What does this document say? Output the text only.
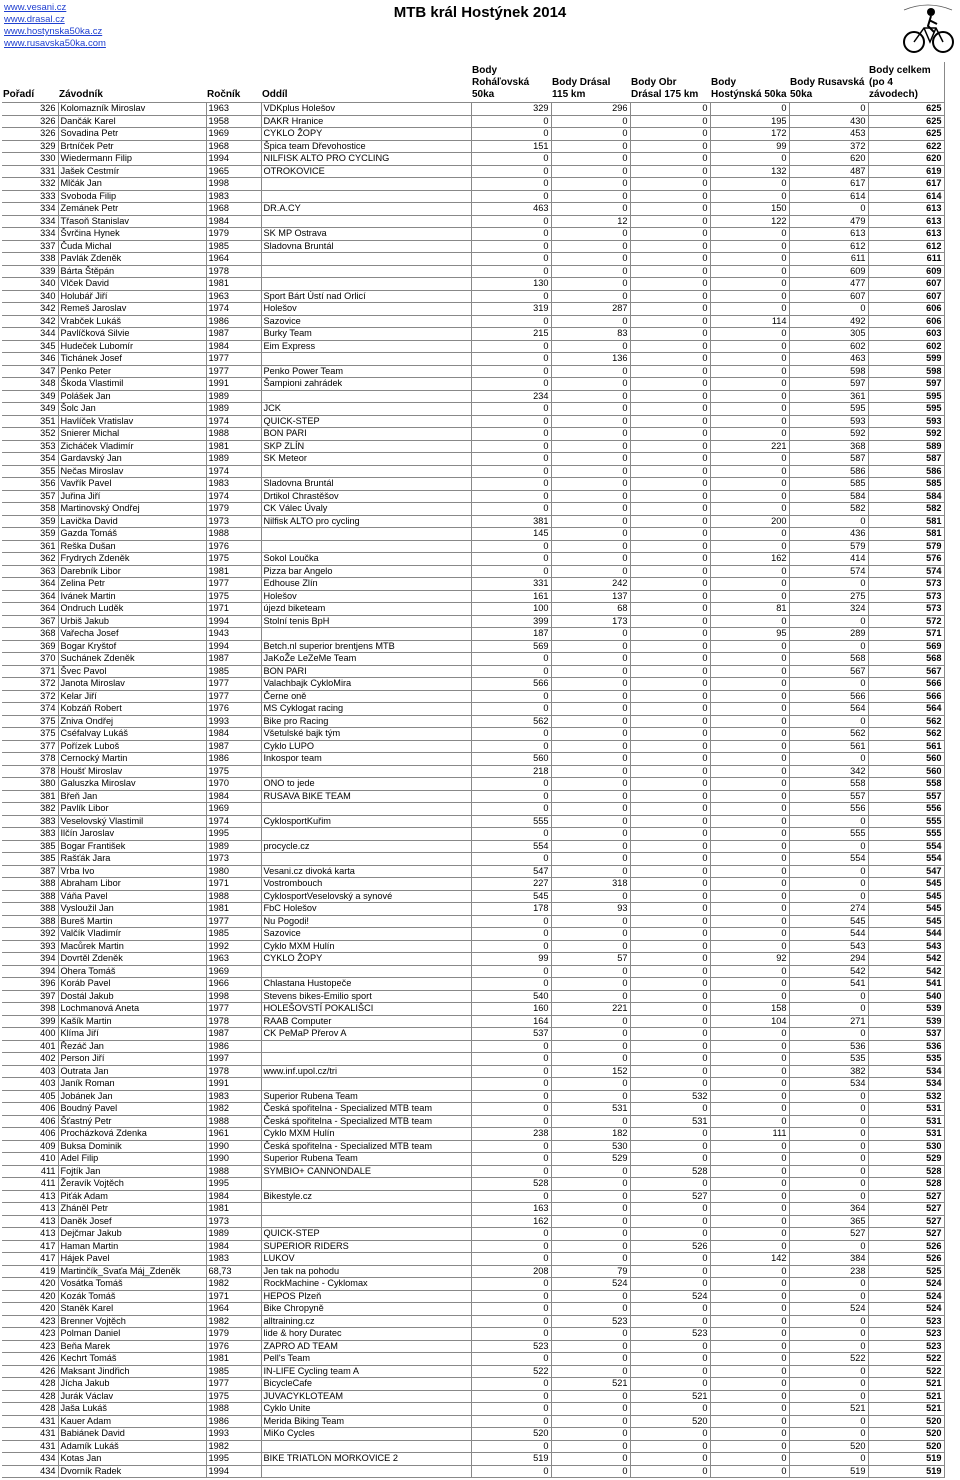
www.vesani.cz
www.drasal.cz
www.hostynska50ka.cz
www.rusavska50ka.com
MTB král Hostýnek 2014
Pořadí	Závodník	Ročník	Oddíl	Body Roháľovská 50ka	Body Drásal 115 km	Body Obr Drásal 175 km	Body Hostýnská 50ka	Body Rusavská 50ka	Body celkem (po 4 závodech)
326	Kolomazník Miroslav	1963	VDKplus Holešov	329	296	0	0	0	625
326	Dančák Karel	1958	DAKR Hranice	0	0	0	195	430	625
326	Sovadina Petr	1969	CYKLO ŽOPY	0	0	0	172	453	625
329	Brtníček Petr	1968	Špica team Dřevohostice	151	0	0	99	372	622
330	Wiedermann Filip	1994	NILFISK ALTO PRO CYCLING	0	0	0	0	620	620
331	Jašek Cestmír	1965	OTROKOVICE	0	0	0	132	487	619
332	Mlčák Jan	1998		0	0	0	0	617	617
333	Svoboda Filip	1983		0	0	0	0	614	614
334	Zemánek Petr	1968	DR.A.CY	463	0	0	150	0	613
334	Třasoň Stanislav	1984		0	12	0	122	479	613
334	Švrčina Hynek	1979	SK MP Ostrava	0	0	0	0	613	613
337	Čuda Michal	1985	Sladovna Bruntál	0	0	0	0	612	612
338	Pavlák Zdeněk	1964		0	0	0	0	611	611
339	Bárta Štěpán	1978		0	0	0	0	609	609
340	Vlček David	1981		130	0	0	0	477	607
340	Holubář Jiří	1963	Sport Bárt Ústí nad Orlicí	0	0	0	0	607	607
342	Remeš Jaroslav	1974	Holešov	319	287	0	0	0	606
342	Vrabček Lukáš	1986	Sazovice	0	0	0	114	492	606
344	Pavlíčková Silvie	1987	Burky Team	215	83	0	0	305	603
345	Hudeček Lubomír	1984	Eim Express	0	0	0	0	602	602
346	Tichánek Josef	1977		0	136	0	0	463	599
347	Penko Peter	1977	Penko Power Team	0	0	0	0	598	598
348	Škoda Vlastimil	1991	Šampioni zahrádek	0	0	0	0	597	597
349	Polášek Jan	1989		234	0	0	0	361	595
349	Šolc Jan	1989	JCK	0	0	0	0	595	595
351	Havlíček Vratislav	1974	QUICK-STEP	0	0	0	0	593	593
352	Snierer Michal	1988	BON PARI	0	0	0	0	592	592
353	Zicháček Vladimír	1981	SKP ZLÍN	0	0	0	221	368	589
354	Gardavský Jan	1989	SK Meteor	0	0	0	0	587	587
355	Nečas Miroslav	1974		0	0	0	0	586	586
356	Vavřík Pavel	1983	Sladovna Bruntál	0	0	0	0	585	585
357	Juřina Jiří	1974	Drtikol Chrastěšov	0	0	0	0	584	584
358	Martinovský Ondřej	1979	CK Válec Úvaly	0	0	0	0	582	582
359	Lavička David	1973	Nilfisk ALTO pro cycling	381	0	0	200	0	581
359	Gazda Tomáš	1988		145	0	0	0	436	581
361	Reška Dušan	1976		0	0	0	0	579	579
362	Frydrych Zdeněk	1975	Sokol Loučka	0	0	0	162	414	576
363	Darebník Libor	1981	Pizza bar Angelo	0	0	0	0	574	574
364	Zelina Petr	1977	Edhouse Zlín	331	242	0	0	0	573
364	Ivánek Martin	1975	Holešov	161	137	0	0	275	573
364	Ondruch Luděk	1971	újezd biketeam	100	68	0	81	324	573
367	Urbiš Jakub	1994	Stolní tenis BpH	399	173	0	0	0	572
368	Vařecha Josef	1943		187	0	0	95	289	571
369	Bogar Kryštof	1994	Betch.nl superior brentjens MTB	569	0	0	0	0	569
370	Suchánek Zdeněk	1987	JaKoŽe LeZeMe Team	0	0	0	0	568	568
371	Švec Pavol	1985	BON PARI	0	0	0	0	567	567
372	Janota Miroslav	1977	Valachbajk CykloMira	566	0	0	0	0	566
372	Kelar Jiří	1977	Černe oně	0	0	0	0	566	566
374	Kobzáň Robert	1976	MS Cyklogat racing	0	0	0	0	564	564
375	Zniva Ondřej	1993	Bike pro Racing	562	0	0	0	0	562
375	Cséfalvay Lukáš	1984	Všetulské bajk tým	0	0	0	0	562	562
377	Pořízek Luboš	1987	Cyklo LUPO	0	0	0	0	561	561
378	Cernocký Martin	1986	Inkospor team	560	0	0	0	0	560
378	Houšť Miroslav	1975		218	0	0	0	342	560
380	Galuszka Miroslav	1970	ONO to jede	0	0	0	0	558	558
381	Břeň Jan	1984	RUSAVA BIKE TEAM	0	0	0	0	557	557
382	Pavlík Libor	1969		0	0	0	0	556	556
383	Veselovský Vlastimil	1974	CyklosportKuřim	555	0	0	0	0	555
383	Ilčín Jaroslav	1995		0	0	0	0	555	555
385	Bogar František	1989	procycle.cz	554	0	0	0	0	554
385	Rašťák Jara	1973		0	0	0	0	554	554
387	Vrba Ivo	1980	Vesani.cz divoká karta	547	0	0	0	0	547
388	Abraham Libor	1971	Vostrombouch	227	318	0	0	0	545
388	Váňa Pavel	1988	CyklosportVeselovský a synové	545	0	0	0	0	545
388	Vysloužil Jan	1981	FbC Holešov	178	93	0	0	274	545
388	Bureš Martin	1977	Nu Pogodi!	0	0	0	0	545	545
392	Valčík Vladimír	1985	Sazovice	0	0	0	0	544	544
393	Macůrek Martin	1992	Cyklo MXM Hulín	0	0	0	0	543	543
394	Dovrtěl Zdeněk	1963	CYKLO ŽOPY	99	57	0	92	294	542
394	Ohera Tomáš	1969		0	0	0	0	542	542
396	Koráb Pavel	1966	Chlastana Hustopeče	0	0	0	0	541	541
397	Dostál Jakub	1998	Stevens bikes-Emilio sport	540	0	0	0	0	540
398	Lochmanová Aneta	1977	HOLEŠOVSTÍ POKALIŠCI	160	221	0	158	0	539
399	Kašík Martin	1978	RAAB Computer	164	0	0	104	271	539
400	Klíma Jiří	1987	CK PeMaP Přerov A	537	0	0	0	0	537
401	Řezáč Jan	1986		0	0	0	0	536	536
402	Person Jiří	1997		0	0	0	0	535	535
403	Outrata Jan	1978	www.inf.upol.cz/tri	0	152	0	0	382	534
403	Janík Roman	1991		0	0	0	0	534	534
405	Jobánek Jan	1983	Superior Rubena Team	0	0	532	0	0	532
406	Boudný Pavel	1982	Česká spořitelna - Specialized MTB team	0	531	0	0	0	531
406	Šťastný Petr	1988	Česká spořitelna - Specialized MTB team	0	0	531	0	0	531
406	Procházková Zdenka	1961	Cyklo MXM Hulín	238	182	0	111	0	531
409	Buksa Dominik	1990	Česká spořitelna - Specialized MTB team	0	530	0	0	0	530
410	Adel Filip	1990	Superior Rubena Team	0	529	0	0	0	529
411	Fojtík Jan	1988	SYMBIO+ CANNONDALE	0	0	528	0	0	528
411	Žeravík Vojtěch	1995		528	0	0	0	0	528
413	Piťák Adam	1984	Bikestyle.cz	0	0	527	0	0	527
413	Zháněl Petr	1981		163	0	0	0	364	527
413	Daněk Josef	1973		162	0	0	0	365	527
413	Dejčmar Jakub	1989	QUICK-STEP	0	0	0	0	527	527
417	Haman Martin	1984	SUPERIOR RIDERS	0	0	526	0	0	526
417	Hájek Pavel	1983	LUKOV	0	0	0	142	384	526
419	Martinčík_Svaťa Máj_Zdeněk	68,73	Jen tak na pohodu	208	79	0	0	238	525
420	Vosátka Tomáš	1982	RockMachine - Cyklomax	0	524	0	0	0	524
420	Kozák Tomáš	1971	HEPOS Plzeň	0	0	524	0	0	524
420	Staněk Karel	1964	Bike Chropyně	0	0	0	0	524	524
423	Brenner Vojtěch	1982	alltraining.cz	0	523	0	0	0	523
423	Polman Daniel	1979	lide & hory Duratec	0	0	523	0	0	523
423	Beňa Marek	1976	ZAPRO AD TEAM	523	0	0	0	0	523
426	Kechrt Tomáš	1981	Pell's Team	0	0	0	0	522	522
426	Maksant Jindřich	1985	IN-LIFE Cycling team A	522	0	0	0	0	522
428	Jícha Jakub	1977	BicycleCafe	0	521	0	0	0	521
428	Jurák Václav	1975	JUVACYKLOTEAM	0	0	521	0	0	521
428	Jaša Lukáš	1988	Cyklo Unite	0	0	0	0	521	521
431	Kauer Adam	1986	Merida Biking Team	0	0	520	0	0	520
431	Babiánek David	1993	MiKo Cycles	520	0	0	0	0	520
431	Adamík Lukáš	1982		0	0	0	0	520	520
434	Kotas Jan	1995	BIKE TRIATLON MORKOVICE 2	519	0	0	0	0	519
434	Dvorník Radek	1994		0	0	0	0	519	519
